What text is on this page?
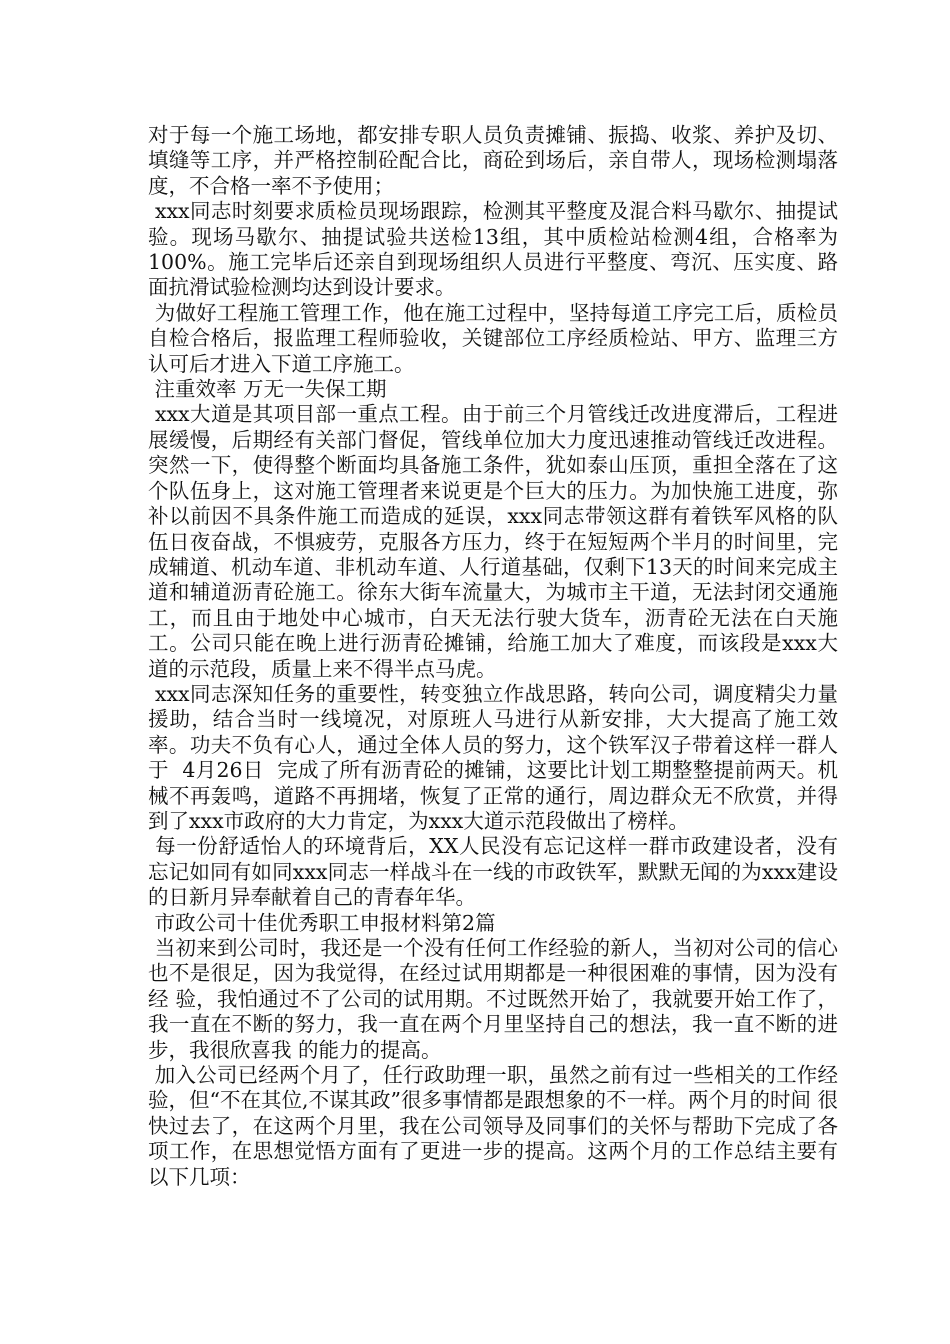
对于每一个施工场地，都安排专职人员负责摊铺、振捣、收浆、养护及切、填缝等工序，并严格控制砼配合比，商砼到场后，亲自带人，现场检测塌落度，不合格一率不予使用；

xxx同志时刻要求质检员现场跟踪，检测其平整度及混合料马歇尔、抽提试验。现场马歇尔、抽提试验共送检13组，其中质检站检测4组，合格率为100%。施工完毕后还亲自到现场组织人员进行平整度、弯沉、压实度、路面抗滑试验检测均达到设计要求。

为做好工程施工管理工作，他在施工过程中，坚持每道工序完工后，质检员自检合格后，报监理工程师验收，关键部位工序经质检站、甲方、监理三方认可后才进入下道工序施工。

注重效率 万无一失保工期

xxx大道是其项目部一重点工程。由于前三个月管线迁改进度滞后，工程进展缓慢，后期经有关部门督促，管线单位加大力度迅速推动管线迁改进程。突然一下，使得整个断面均具备施工条件，犹如泰山压顶，重担全落在了这个队伍身上，这对施工管理者来说更是个巨大的压力。为加快施工进度，弥补以前因不具条件施工而造成的延误，xxx同志带领这群有着铁军风格的队伍日夜奋战，不惧疲劳，克服各方压力，终于在短短两个半月的时间里，完成辅道、机动车道、非机动车道、人行道基础，仅剩下13天的时间来完成主道和辅道沥青砼施工。徐东大街车流量大，为城市主干道，无法封闭交通施工，而且由于地处中心城市，白天无法行驶大货车，沥青砼无法在白天施工。公司只能在晚上进行沥青砼摊铺，给施工加大了难度，而该段是xxx大道的示范段，质量上来不得半点马虎。

xxx同志深知任务的重要性，转变独立作战思路，转向公司，调度精尖力量援助，结合当时一线境况，对原班人马进行从新安排，大大提高了施工效率。功夫不负有心人，通过全体人员的努力，这个铁军汉子带着这样一群人于  4月26日  完成了所有沥青砼的摊铺，这要比计划工期整整提前两天。机械不再轰鸣，道路不再拥堵，恢复了正常的通行，周边群众无不欣赏，并得到了xxx市政府的大力肯定，为xxx大道示范段做出了榜样。

每一份舒适怡人的环境背后，XX人民没有忘记这样一群市政建设者，没有忘记如同有如同xxx同志一样战斗在一线的市政铁军，默默无闻的为xxx建设的日新月异奉献着自己的青春年华。

市政公司十佳优秀职工申报材料第2篇

当初来到公司时，我还是一个没有任何工作经验的新人，当初对公司的信心也不是很足，因为我觉得，在经过试用期都是一种很困难的事情，因为没有经 验，我怕通过不了公司的试用期。不过既然开始了，我就要开始工作了，我一直在不断的努力，我一直在两个月里坚持自己的想法，我一直不断的进步，我很欣喜我 的能力的提高。

加入公司已经两个月了，任行政助理一职，虽然之前有过一些相关的工作经验，但“不在其位,不谋其政”很多事情都是跟想象的不一样。两个月的时间 很快过去了，在这两个月里，我在公司领导及同事们的关怀与帮助下完成了各项工作，在思想觉悟方面有了更进一步的提高。这两个月的工作总结主要有以下几项：
